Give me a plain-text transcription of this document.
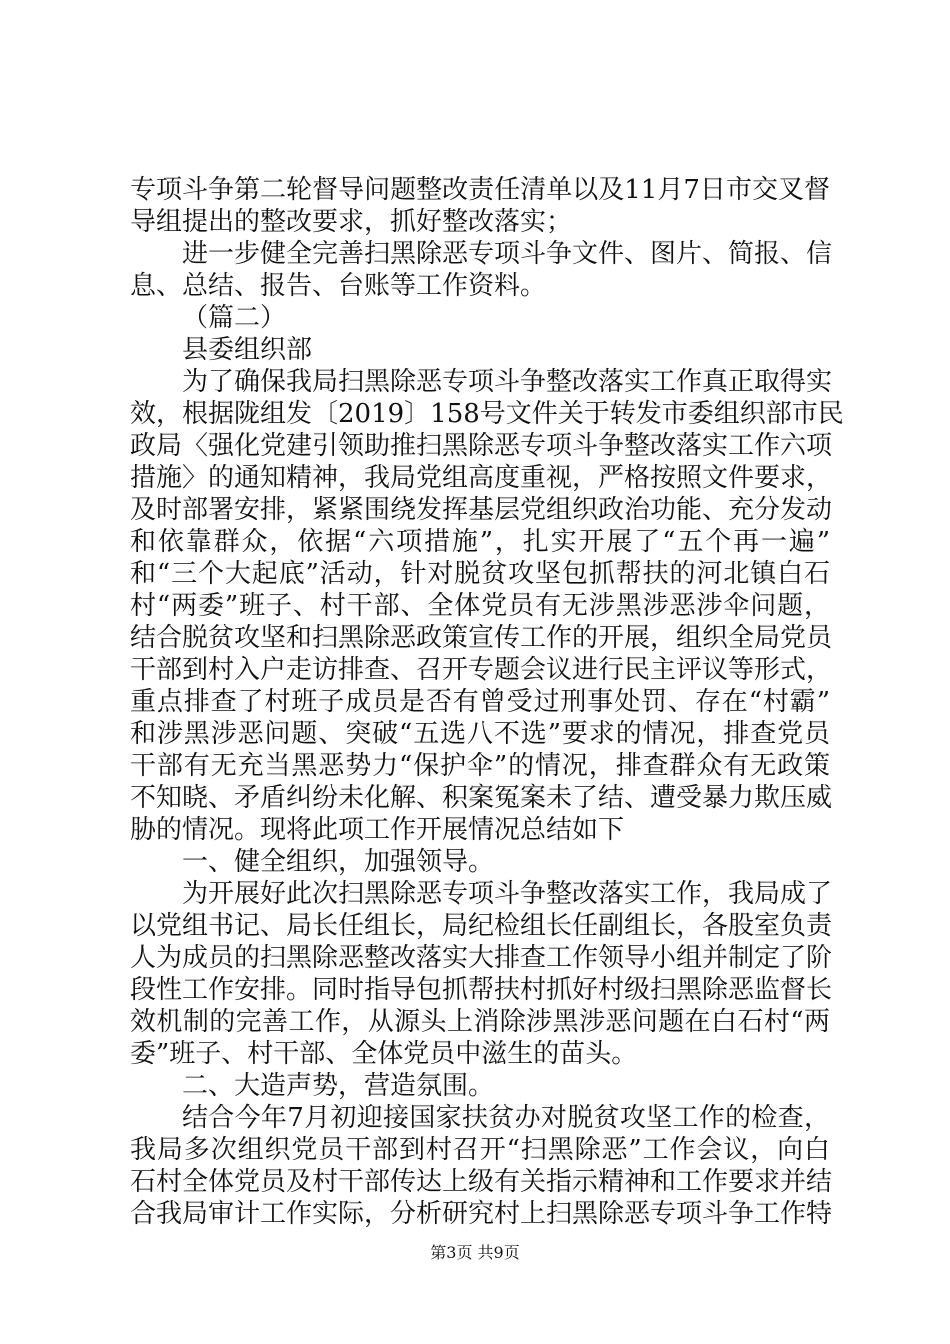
专项斗争第二轮督导问题整改责任清单以及11月7日市交叉督
导组提出的整改要求，抓好整改落实；
进一步健全完善扫黑除恶专项斗争文件、图片、简报、信
息、总结、报告、台账等工作资料。
（篇二）
县委组织部
为了确保我局扫黑除恶专项斗争整改落实工作真正取得实
效，根据陇组发〔2019〕158号文件关于转发市委组织部市民
政局〈强化党建引领助推扫黑除恶专项斗争整改落实工作六项
措施〉的通知精神，我局党组高度重视，严格按照文件要求，
及时部署安排，紧紧围绕发挥基层党组织政治功能、充分发动
和依靠群众，依据“六项措施”，扎实开展了“五个再一遍”
和“三个大起底”活动，针对脱贫攻坚包抓帮扶的河北镇白石
村“两委”班子、村干部、全体党员有无涉黑涉恶涉伞问题，
结合脱贫攻坚和扫黑除恶政策宣传工作的开展，组织全局党员
干部到村入户走访排查、召开专题会议进行民主评议等形式，
重点排查了村班子成员是否有曾受过刑事处罚、存在“村霸”
和涉黑涉恶问题、突破“五选八不选”要求的情况，排查党员
干部有无充当黑恶势力“保护伞”的情况，排查群众有无政策
不知晓、矛盾纠纷未化解、积案冤案未了结、遭受暴力欺压威
胁的情况。现将此项工作开展情况总结如下
一、健全组织，加强领导。
为开展好此次扫黑除恶专项斗争整改落实工作，我局成了
以党组书记、局长任组长，局纪检组长任副组长，各股室负责
人为成员的扫黑除恶整改落实大排查工作领导小组并制定了阶
段性工作安排。同时指导包抓帮扶村抓好村级扫黑除恶监督长
效机制的完善工作，从源头上消除涉黑涉恶问题在白石村“两
委”班子、村干部、全体党员中滋生的苗头。
二、大造声势，营造氛围。
结合今年7月初迎接国家扶贫办对脱贫攻坚工作的检查，
我局多次组织党员干部到村召开“扫黑除恶”工作会议，向白
石村全体党员及村干部传达上级有关指示精神和工作要求并结
合我局审计工作实际，分析研究村上扫黑除恶专项斗争工作特
第3页 共9页
